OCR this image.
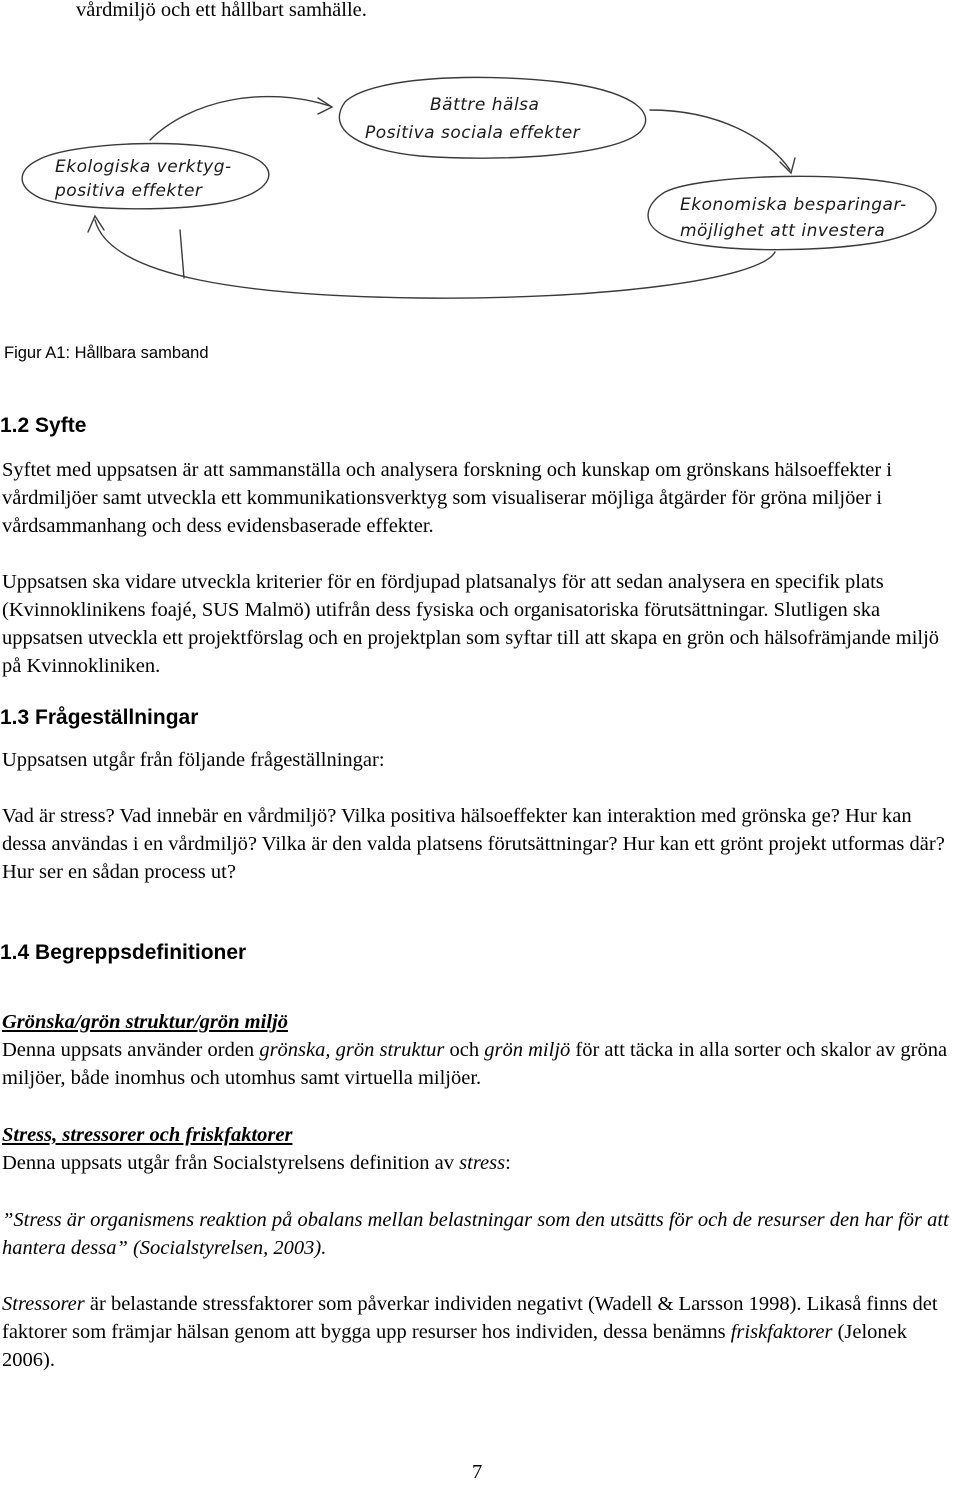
vårdmiljö och ett hållbart samhälle.
Bättre hälsa
Positiva sociala effekter
Ekologiska verktyg-
positiva effekter
Ekonomiska besparingar-
möjlighet att investera
Figur A1: Hållbara samband
1.2 Syfte

Syftet med uppsatsen är att sammanställa och analysera forskning och kunskap om grönskans hälsoeffekter i vårdmiljöer samt utveckla ett kommunikationsverktyg som visualiserar möjliga åtgärder för gröna miljöer i vårdsammanhang och dess evidensbaserade effekter.

Uppsatsen ska vidare utveckla kriterier för en fördjupad platsanalys för att sedan analysera en specifik plats (Kvinnoklinikens foajé, SUS Malmö) utifrån dess fysiska och organisatoriska förutsättningar. Slutligen ska uppsatsen utveckla ett projektförslag och en projektplan som syftar till att skapa en grön och hälsofrämjande miljö på Kvinnokliniken.

1.3 Frågeställningar

Uppsatsen utgår från följande frågeställningar:

Vad är stress? Vad innebär en vårdmiljö? Vilka positiva hälsoeffekter kan interaktion med grönska ge? Hur kan dessa användas i en vårdmiljö? Vilka är den valda platsens förutsättningar? Hur kan ett grönt projekt utformas där? Hur ser en sådan process ut?

1.4 Begreppsdefinitioner
Grönska/grön struktur/grön miljö

Denna uppsats använder orden grönska, grön struktur och grön miljö för att täcka in alla sorter och skalor av gröna miljöer, både inomhus och utomhus samt virtuella miljöer.

Stress, stressorer och friskfaktorer

Denna uppsats utgår från Socialstyrelsens definition av stress:

”Stress är organismens reaktion på obalans mellan belastningar som den utsätts för och de resurser den har för att hantera dessa” (Socialstyrelsen, 2003).

Stressorer är belastande stressfaktorer som påverkar individen negativt (Wadell & Larsson 1998). Likaså finns det faktorer som främjar hälsan genom att bygga upp resurser hos individen, dessa benämns friskfaktorer (Jelonek 2006).

7
